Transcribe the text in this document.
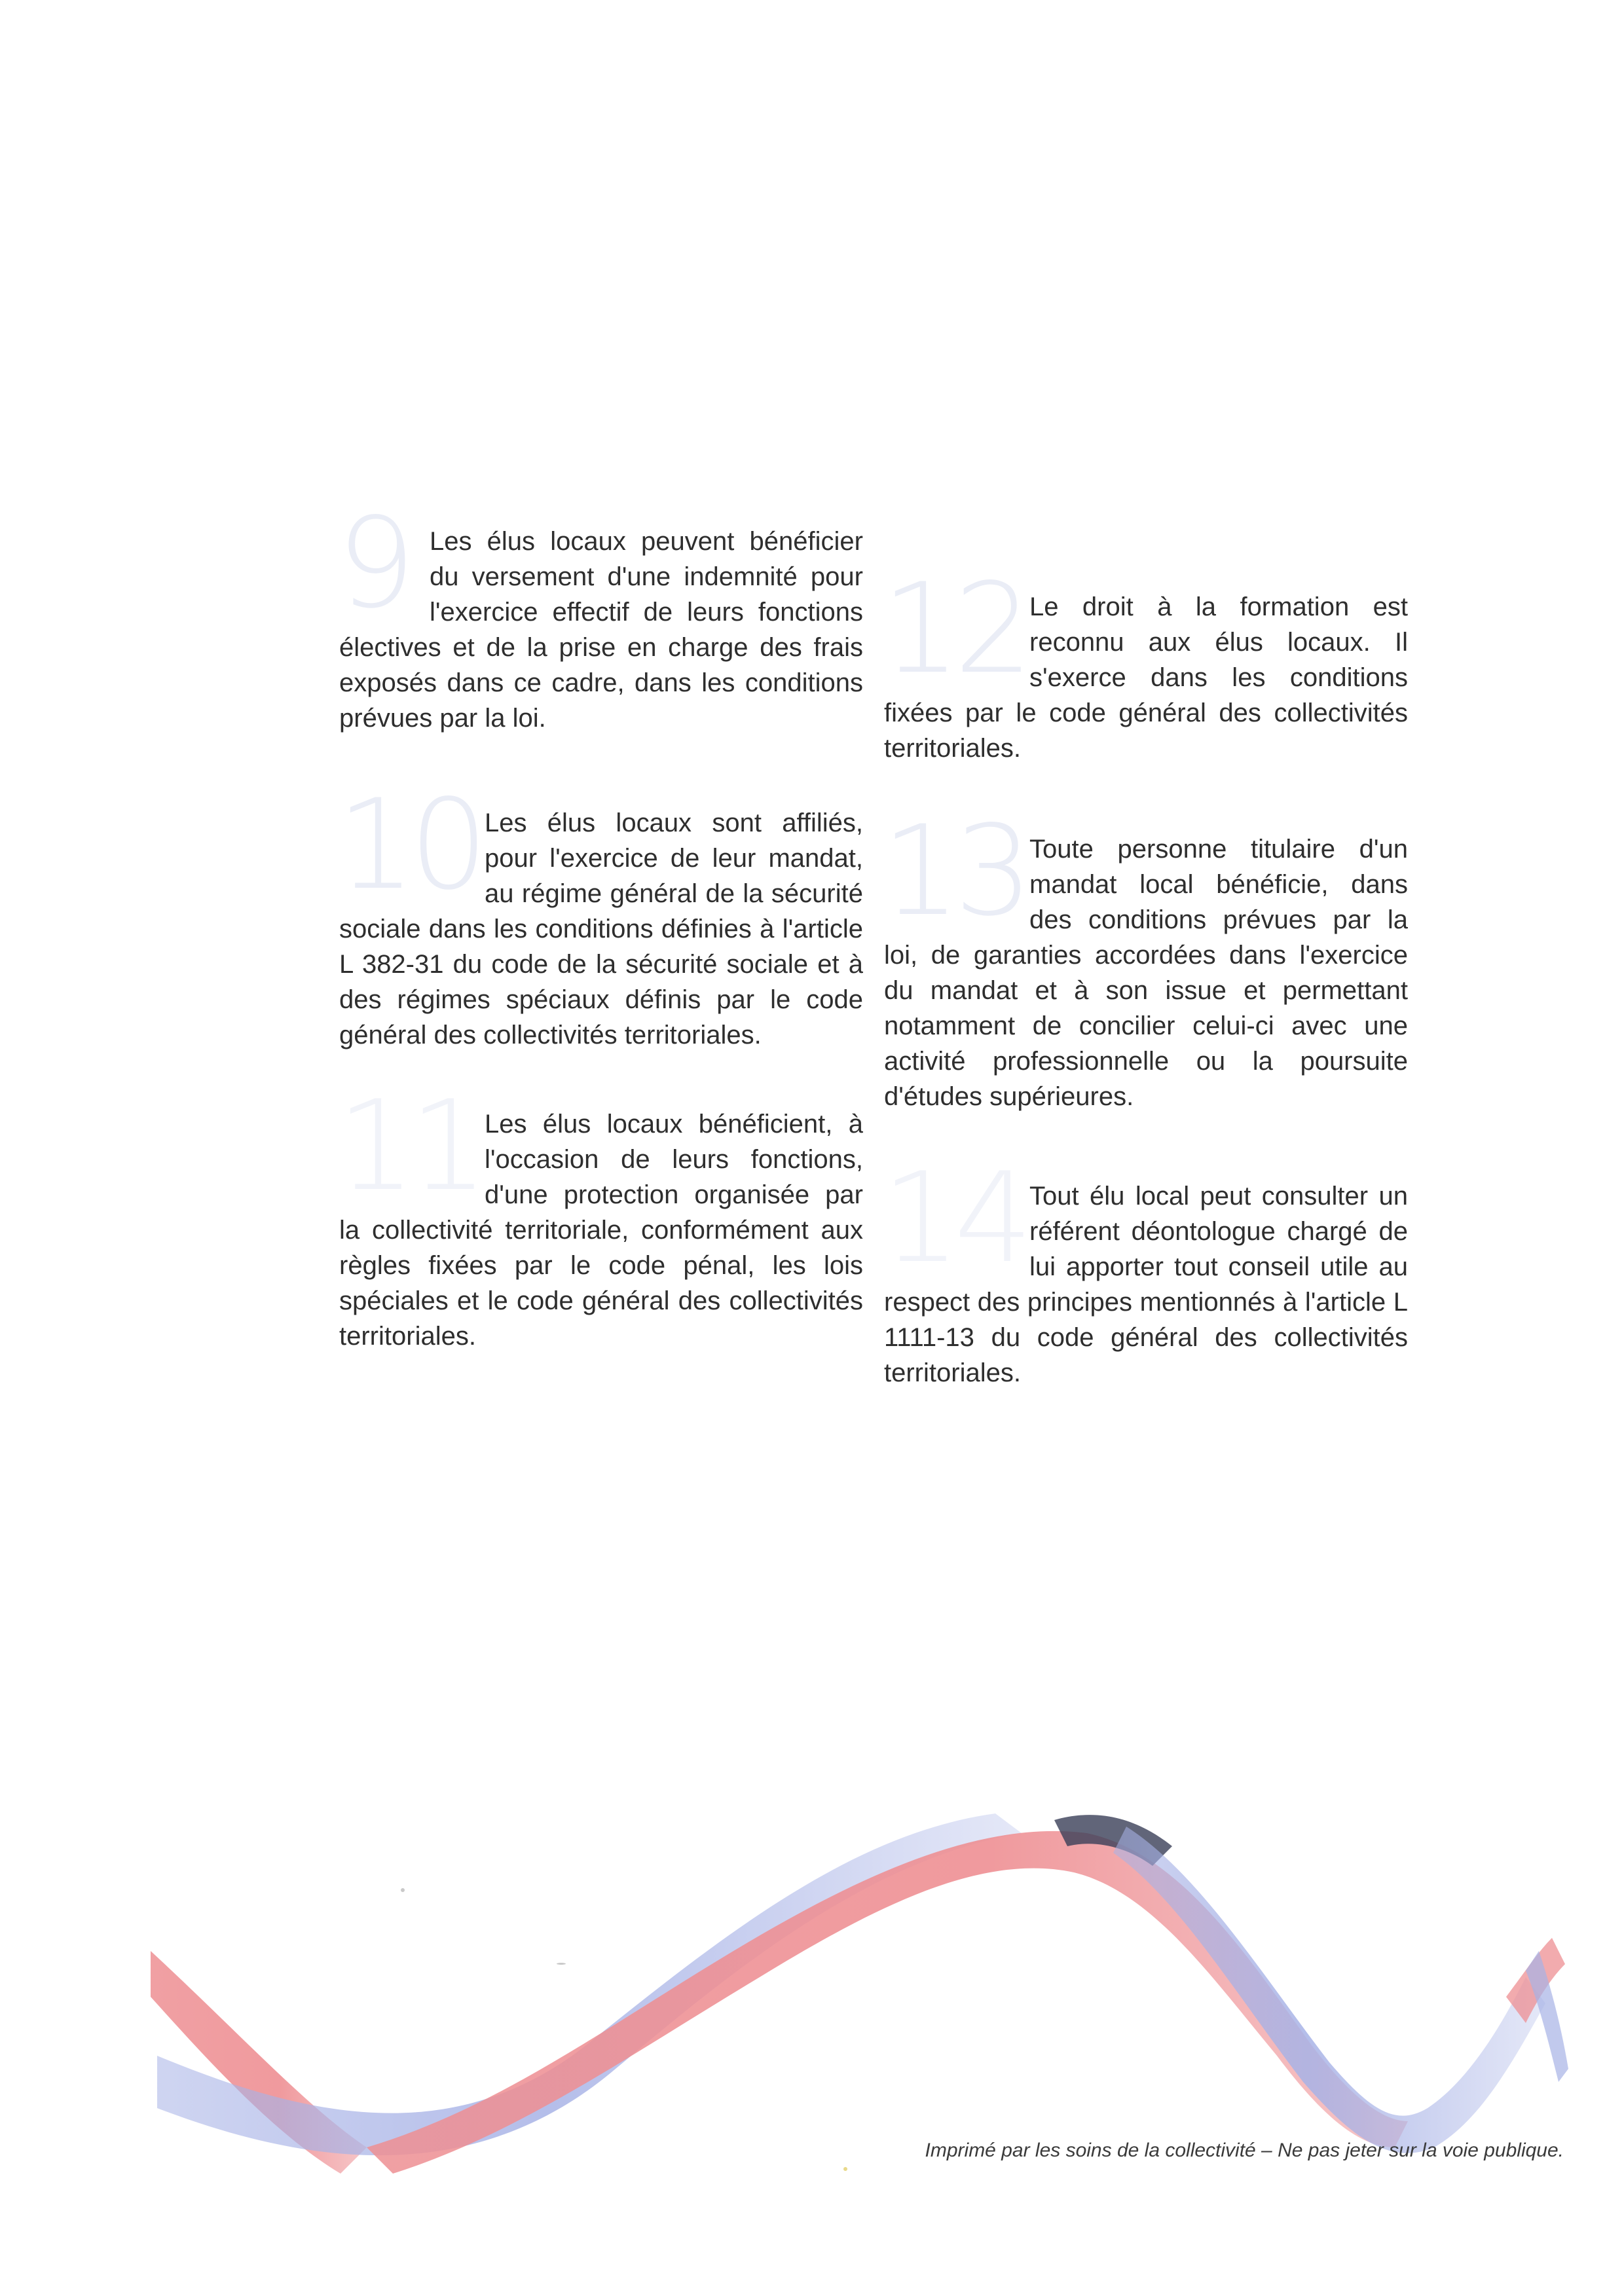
9 Les élus locaux peuvent bénéficier du versement d'une indemnité pour l'exercice effectif de leurs fonctions électives et de la prise en charge des frais exposés dans ce cadre, dans les conditions prévues par la loi.

10 Les élus locaux sont affiliés, pour l'exercice de leur mandat, au régime général de la sécurité sociale dans les conditions définies à l'article L 382-31 du code de la sécurité sociale et à des régimes spéciaux définis par le code général des collectivités territoriales.

11 Les élus locaux bénéficient, à l'occasion de leurs fonctions, d'une protection organisée par la collectivité territoriale, conformément aux règles fixées par le code pénal, les lois spéciales et le code général des collectivités territoriales.

12 Le droit à la formation est reconnu aux élus locaux. Il s'exerce dans les conditions fixées par le code général des collectivités territoriales.

13 Toute personne titulaire d'un mandat local bénéficie, dans des conditions prévues par la loi, de garanties accordées dans l'exercice du mandat et à son issue et permettant notamment de concilier celui-ci avec une activité professionnelle ou la poursuite d'études supérieures.

14 Tout élu local peut consulter un référent déontologue chargé de lui apporter tout conseil utile au respect des principes mentionnés à l'article L 1111-13 du code général des collectivités territoriales.

Imprimé par les soins de la collectivité – Ne pas jeter sur la voie publique.
